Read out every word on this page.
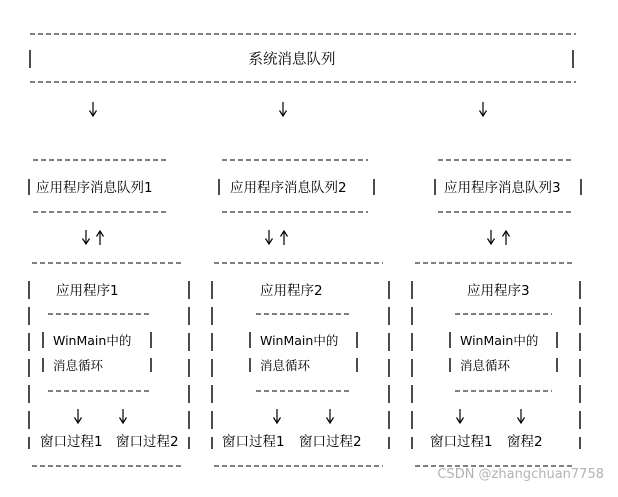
系统消息队列
应用程序消息队列1	应用程序消息队列2	应用程序消息队列3
应用程序1
WinMain中的
消息循环
窗口过程1 窗口过程2
应用程序2
WinMain中的
消息循环
窗口过程1 窗口过程2
应用程序3
WinMain中的
消息循环
窗口过程1 窗程2
CSDN @zhangchuan7758
